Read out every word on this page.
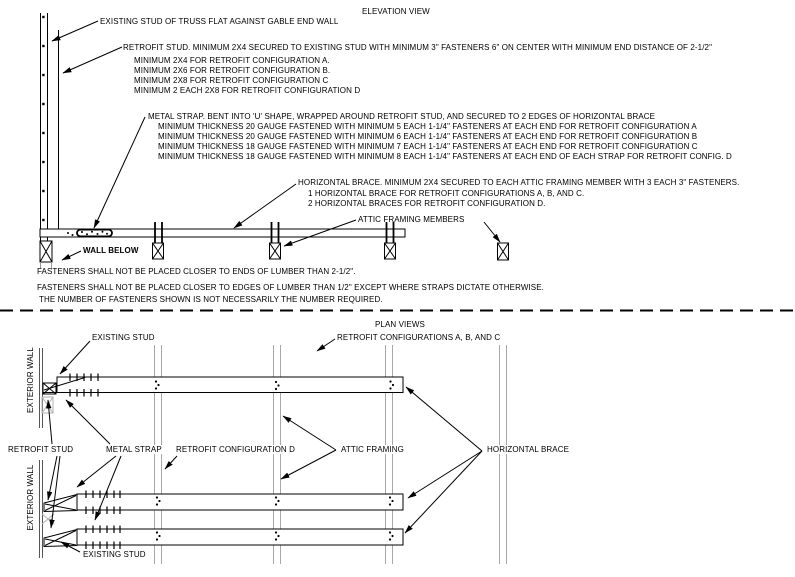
ELEVATION VIEW
EXISTING STUD OF TRUSS FLAT AGAINST GABLE END WALL
RETROFIT STUD. MINIMUM 2X4 SECURED TO EXISTING STUD WITH MINIMUM 3" FASTENERS 6" ON CENTER WITH MINIMUM END DISTANCE OF 2-1/2"
MINIMUM 2X4 FOR RETROFIT CONFIGURATION A.
MINIMUM 2X6 FOR RETROFIT CONFIGURATION B.
MINIMUM 2X8 FOR RETROFIT CONFIGURATION C
MINIMUM 2 EACH 2X8 FOR RETROFIT CONFIGURATION D
METAL STRAP. BENT INTO 'U' SHAPE, WRAPPED AROUND RETROFIT STUD, AND SECURED TO 2 EDGES OF HORIZONTAL BRACE
MINIMUM THICKNESS 20 GAUGE FASTENED WITH MINIMUM 5 EACH 1-1/4" FASTENERS AT EACH END FOR RETROFIT CONFIGURATION A
MINIMUM THICKNESS 20 GAUGE FASTENED WITH MINIMUM 6 EACH 1-1/4" FASTENERS AT EACH END FOR RETROFIT CONFIGURATION B
MINIMUM THICKNESS 18 GAUGE FASTENED WITH MINIMUM 7 EACH 1-1/4" FASTENERS AT EACH END FOR RETROFIT CONFIGURATION C
MINIMUM THICKNESS 18 GAUGE FASTENED WITH MINIMUM 8 EACH 1-1/4" FASTENERS AT EACH END OF EACH STRAP FOR RETROFIT CONFIG. D
HORIZONTAL BRACE. MINIMUM 2X4 SECURED TO EACH ATTIC FRAMING MEMBER WITH 3 EACH 3" FASTENERS.
1 HORIZONTAL BRACE FOR RETROFIT CONFIGURATIONS A, B, AND C.
2 HORIZONTAL BRACES FOR RETROFIT CONFIGURATION D.
ATTIC FRAMING MEMBERS
WALL BELOW
FASTENERS SHALL NOT BE PLACED CLOSER TO ENDS OF LUMBER THAN 2-1/2".
FASTENERS SHALL NOT BE PLACED CLOSER TO EDGES OF LUMBER THAN 1/2" EXCEPT WHERE STRAPS DICTATE OTHERWISE.
THE NUMBER OF FASTENERS SHOWN IS NOT NECESSARILY THE NUMBER REQUIRED.
PLAN VIEWS
RETROFIT CONFIGURATIONS A, B, AND C
EXISTING STUD
EXTERIOR WALL
RETROFIT STUD	METAL STRAP RETROFIT CONFIGURATION D	ATTIC FRAMING	HORIZONTAL BRACE
EXTERIOR WALL
EXISTING STUD
